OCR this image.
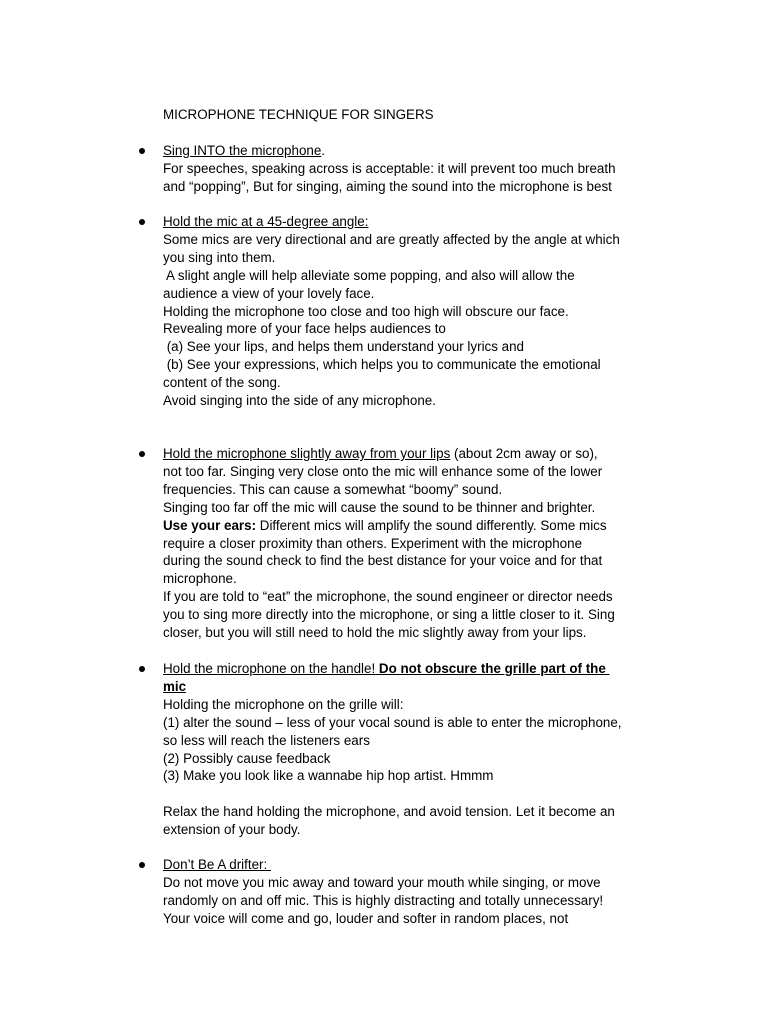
MICROPHONE TECHNIQUE FOR SINGERS
Sing INTO the microphone.
For speeches, speaking across is acceptable: it will prevent too much breath
and “popping”, But for singing, aiming the sound into the microphone is best
Hold the mic at a 45-degree angle:
Some mics are very directional and are greatly affected by the angle at which
you sing into them.
A slight angle will help alleviate some popping, and also will allow the
audience a view of your lovely face.
Holding the microphone too close and too high will obscure our face.
Revealing more of your face helps audiences to
(a) See your lips, and helps them understand your lyrics and
(b) See your expressions, which helps you to communicate the emotional
content of the song.
Avoid singing into the side of any microphone.
Hold the microphone slightly away from your lips (about 2cm away or so),
not too far. Singing very close onto the mic will enhance some of the lower
frequencies. This can cause a somewhat “boomy” sound.
Singing too far off the mic will cause the sound to be thinner and brighter.
Use your ears: Different mics will amplify the sound differently. Some mics
require a closer proximity than others. Experiment with the microphone
during the sound check to find the best distance for your voice and for that
microphone.
If you are told to “eat” the microphone, the sound engineer or director needs
you to sing more directly into the microphone, or sing a little closer to it. Sing
closer, but you will still need to hold the mic slightly away from your lips.
Hold the microphone on the handle! Do not obscure the grille part of the
mic
Holding the microphone on the grille will:
(1) alter the sound – less of your vocal sound is able to enter the microphone,
so less will reach the listeners ears
(2) Possibly cause feedback
(3) Make you look like a wannabe hip hop artist. Hmmm
Relax the hand holding the microphone, and avoid tension. Let it become an
extension of your body.
Don’t Be A drifter:
Do not move you mic away and toward your mouth while singing, or move
randomly on and off mic. This is highly distracting and totally unnecessary!
Your voice will come and go, louder and softer in random places, not
